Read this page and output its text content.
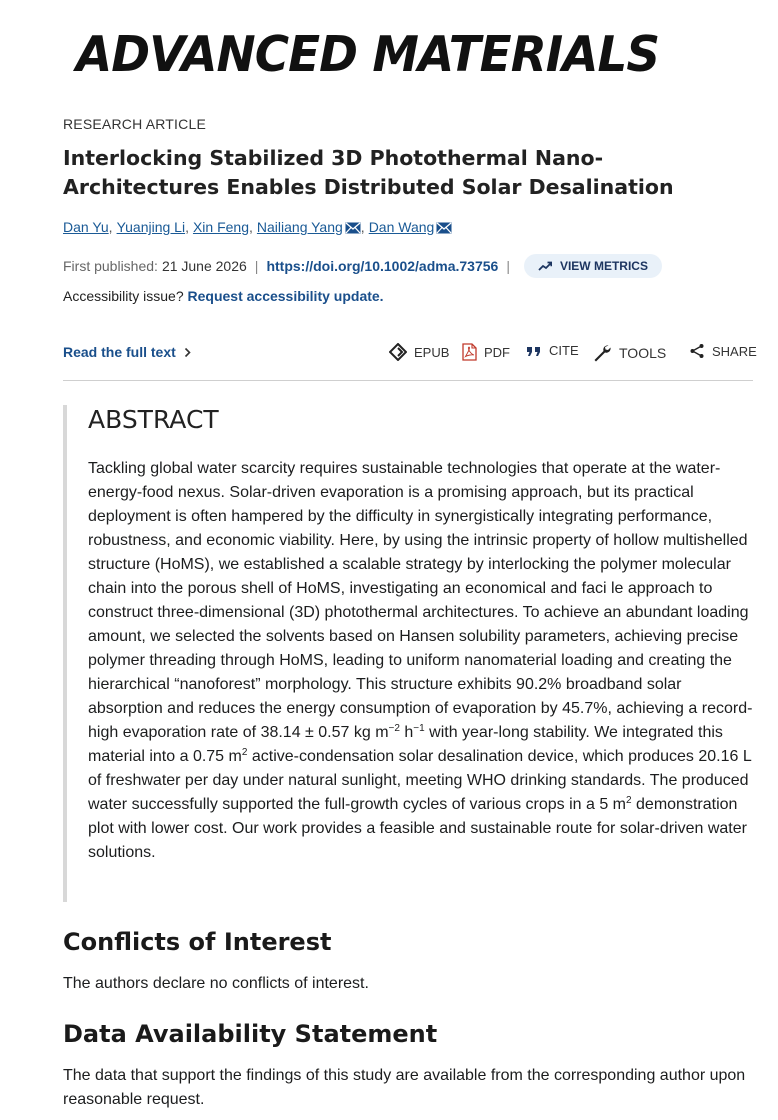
ADVANCED MATERIALS
RESEARCH ARTICLE
Interlocking Stabilized 3D Photothermal Nano-Architectures Enables Distributed Solar Desalination
Dan Yu, Yuanjing Li, Xin Feng, Nailiang Yang , Dan Wang
First published: 21 June 2026 | https://doi.org/10.1002/adma.73756 |	VIEW METRICS
Accessibility issue? Request accessibility update.
Read the full text	EPUB	PDF	CITE	TOOLS	SHARE
ABSTRACT

Tackling global water scarcity requires sustainable technologies that operate at the water-energy-food nexus. Solar-driven evaporation is a promising approach, but its practical deployment is often hampered by the difficulty in synergistically integrating performance, robustness, and economic viability. Here, by using the intrinsic property of hollow multishelled structure (HoMS), we established a scalable strategy by interlocking the polymer molecular chain into the porous shell of HoMS, investigating an economical and faci le approach to construct three-dimensional (3D) photothermal architectures. To achieve an abundant loading amount, we selected the solvents based on Hansen solubility parameters, achieving precise polymer threading through HoMS, leading to uniform nanomaterial loading and creating the hierarchical “nanoforest” morphology. This structure exhibits 90.2% broadband solar absorption and reduces the energy consumption of evaporation by 45.7%, achieving a record-high evaporation rate of 38.14 ± 0.57 kg $m^{-2}$ $h^{-1}$ with year-long stability. We integrated this material into a 0.75 $m^2$ active-condensation solar desalination device, which produces 20.16 L of freshwater per day under natural sunlight, meeting WHO drinking standards. The produced water successfully supported the full-growth cycles of various crops in a 5 $m^2$ demonstration plot with lower cost. Our work provides a feasible and sustainable route for solar-driven water solutions.

Conflicts of Interest

The authors declare no conflicts of interest.

Data Availability Statement

The data that support the findings of this study are available from the corresponding author upon reasonable request.
